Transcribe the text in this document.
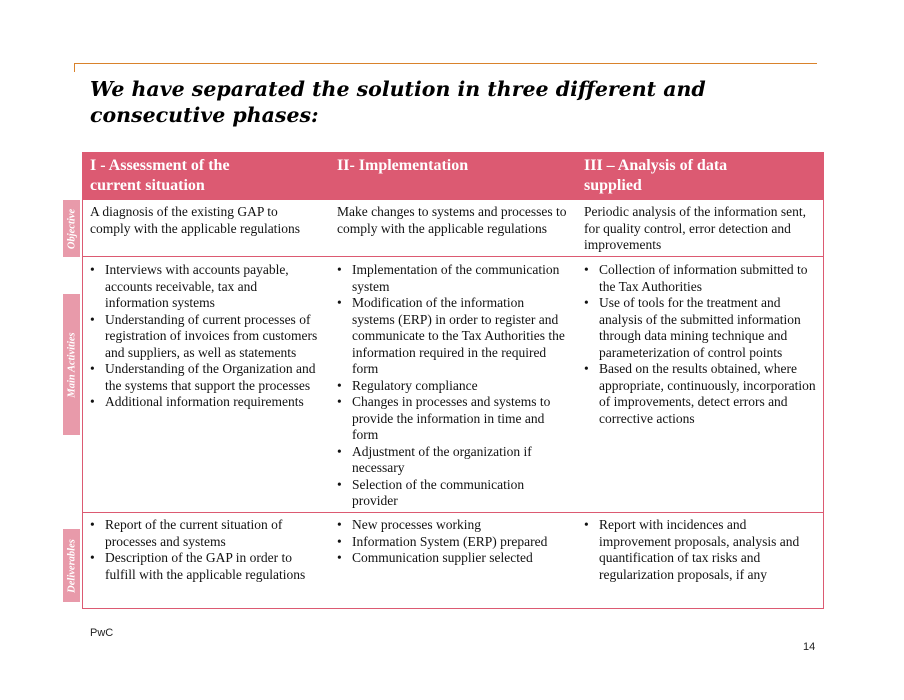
We have separated the solution in three different and consecutive phases:
Objective
Main Activities
Deliverables
I - Assessment of the
current situation
II- Implementation	III – Analysis of data
supplied
A diagnosis of the existing GAP to comply with the applicable regulations
Make changes to systems and processes to comply with the applicable regulations
Periodic analysis of the information sent, for quality control, error detection and improvements
• Interviews with accounts payable, accounts receivable, tax and information systems
• Understanding of current processes of registration of invoices from customers and suppliers, as well as statements
• Understanding of the Organization and the systems that support the processes
• Additional information requirements
• Implementation of the communication system
• Modification of the information systems (ERP) in order to register and communicate to the Tax Authorities the information required in the required form
• Regulatory compliance
• Changes in processes and systems to provide the information in time and form
• Adjustment of the organization if necessary
• Selection of the communication provider
• Collection of information submitted to the Tax Authorities
• Use of tools for the treatment and analysis of the submitted information through data mining technique and parameterization of control points
• Based on the results obtained, where appropriate, continuously, incorporation of improvements, detect errors and corrective actions
• Report of the current situation of processes and systems
• Description of the GAP in order to fulfill with the applicable regulations
• New processes working
• Information System (ERP) prepared
• Communication supplier selected
• Report with incidences and improvement proposals, analysis and quantification of tax risks and regularization proposals, if any
PwC
14
